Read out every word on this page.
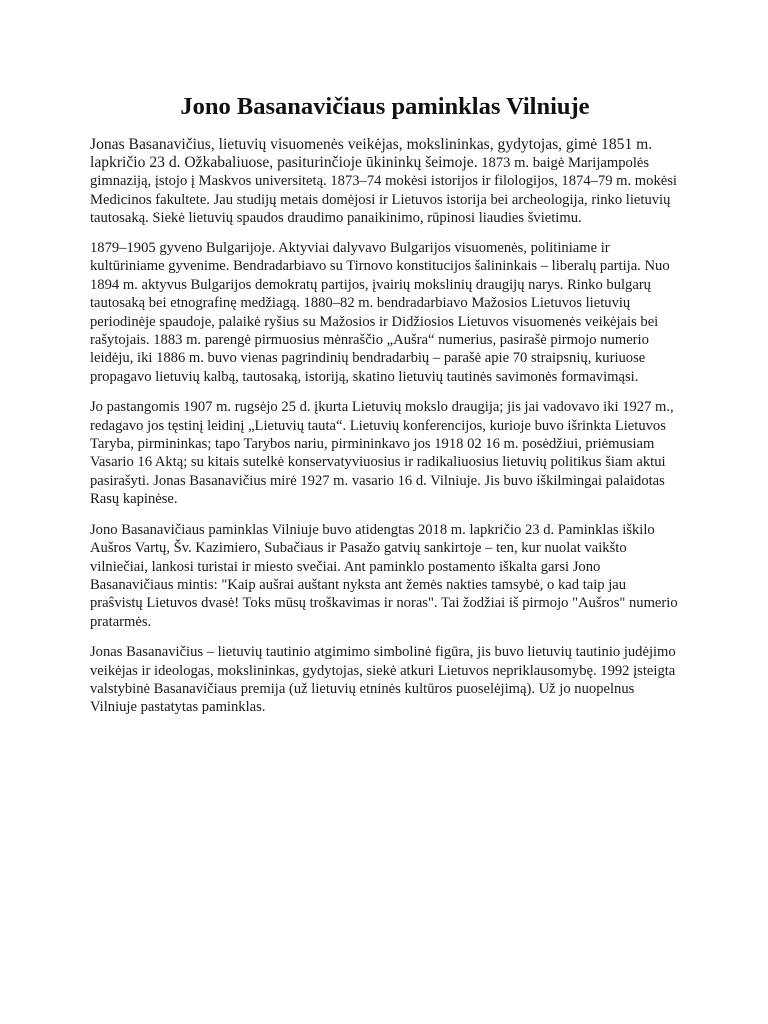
Jono Basanavičiaus paminklas Vilniuje

Jonas Basanavičius, lietuvių visuomenės veikėjas, mokslininkas, gydytojas, gimė 1851 m. lapkričio 23 d. Ožkabaliuose, pasiturinčioje ūkininkų šeimoje. 1873 m. baigė Marijampolės gimnaziją, įstojo į Maskvos universitetą. 1873–74 mokėsi istorijos ir filologijos, 1874–79 m. mokėsi Medicinos fakultete. Jau studijų metais domėjosi ir Lietuvos istorija bei archeologija, rinko lietuvių tautosaką. Siekė lietuvių spaudos draudimo panaikinimo, rūpinosi liaudies švietimu.

1879–1905 gyveno Bulgarijoje. Aktyviai dalyvavo Bulgarijos visuomenės, politiniame ir kultūriniame gyvenime. Bendradarbiavo su Tirnovo konstitucijos šalininkais – liberalų partija. Nuo 1894 m. aktyvus Bulgarijos demokratų partijos, įvairių mokslinių draugijų narys. Rinko bulgarų tautosaką bei etnografinę medžiagą. 1880–82 m. bendradarbiavo Mažosios Lietuvos lietuvių periodinėje spaudoje, palaikė ryšius su Mažosios ir Didžiosios Lietuvos visuomenės veikėjais bei rašytojais. 1883 m. parengė pirmuosius mėnraščio „Aušra“ numerius, pasirašė pirmojo numerio leidėju, iki 1886 m. buvo vienas pagrindinių bendradarbių – parašė apie 70 straipsnių, kuriuose propagavo lietuvių kalbą, tautosaką, istoriją, skatino lietuvių tautinės savimonės formavimąsi.

Jo pastangomis 1907 m. rugsėjo 25 d. įkurta Lietuvių mokslo draugija; jis jai vadovavo iki 1927 m., redagavo jos tęstinį leidinį „Lietuvių tauta“. Lietuvių konferencijos, kurioje buvo išrinkta Lietuvos Taryba, pirmininkas; tapo Tarybos nariu, pirmininkavo jos 1918 02 16 m. posėdžiui, priėmusiam Vasario 16 Aktą; su kitais sutelkė konservatyviuosius ir radikaliuosius lietuvių politikus šiam aktui pasirašyti. Jonas Basanavičius mirė 1927 m. vasario 16 d. Vilniuje. Jis buvo iškilmingai palaidotas Rasų kapinėse.

Jono Basanavičiaus paminklas Vilniuje buvo atidengtas 2018 m. lapkričio 23 d. Paminklas iškilo Aušros Vartų, Šv. Kazimiero, Subačiaus ir Pasažo gatvių sankirtoje – ten, kur nuolat vaikšto vilniečiai, lankosi turistai ir miesto svečiai. Ant paminklo postamento iškalta garsi Jono Basanavičiaus mintis: "Kaip aušrai auštant nyksta ant žemės nakties tamsybė, o kad taip jau praŝvistų Lietuvos dvasė! Toks mūsų troškavimas ir noras". Tai žodžiai iš pirmojo "Aušros" numerio pratarmės.

Jonas Basanavičius – lietuvių tautinio atgimimo simbolinė figūra, jis buvo lietuvių tautinio judėjimo veikėjas ir ideologas, mokslininkas, gydytojas, siekė atkuri Lietuvos nepriklausomybę. 1992 įsteigta valstybinė Basanavičiaus premija (už lietuvių etninės kultūros puoselėjimą). Už jo nuopelnus Vilniuje pastatytas paminklas.
